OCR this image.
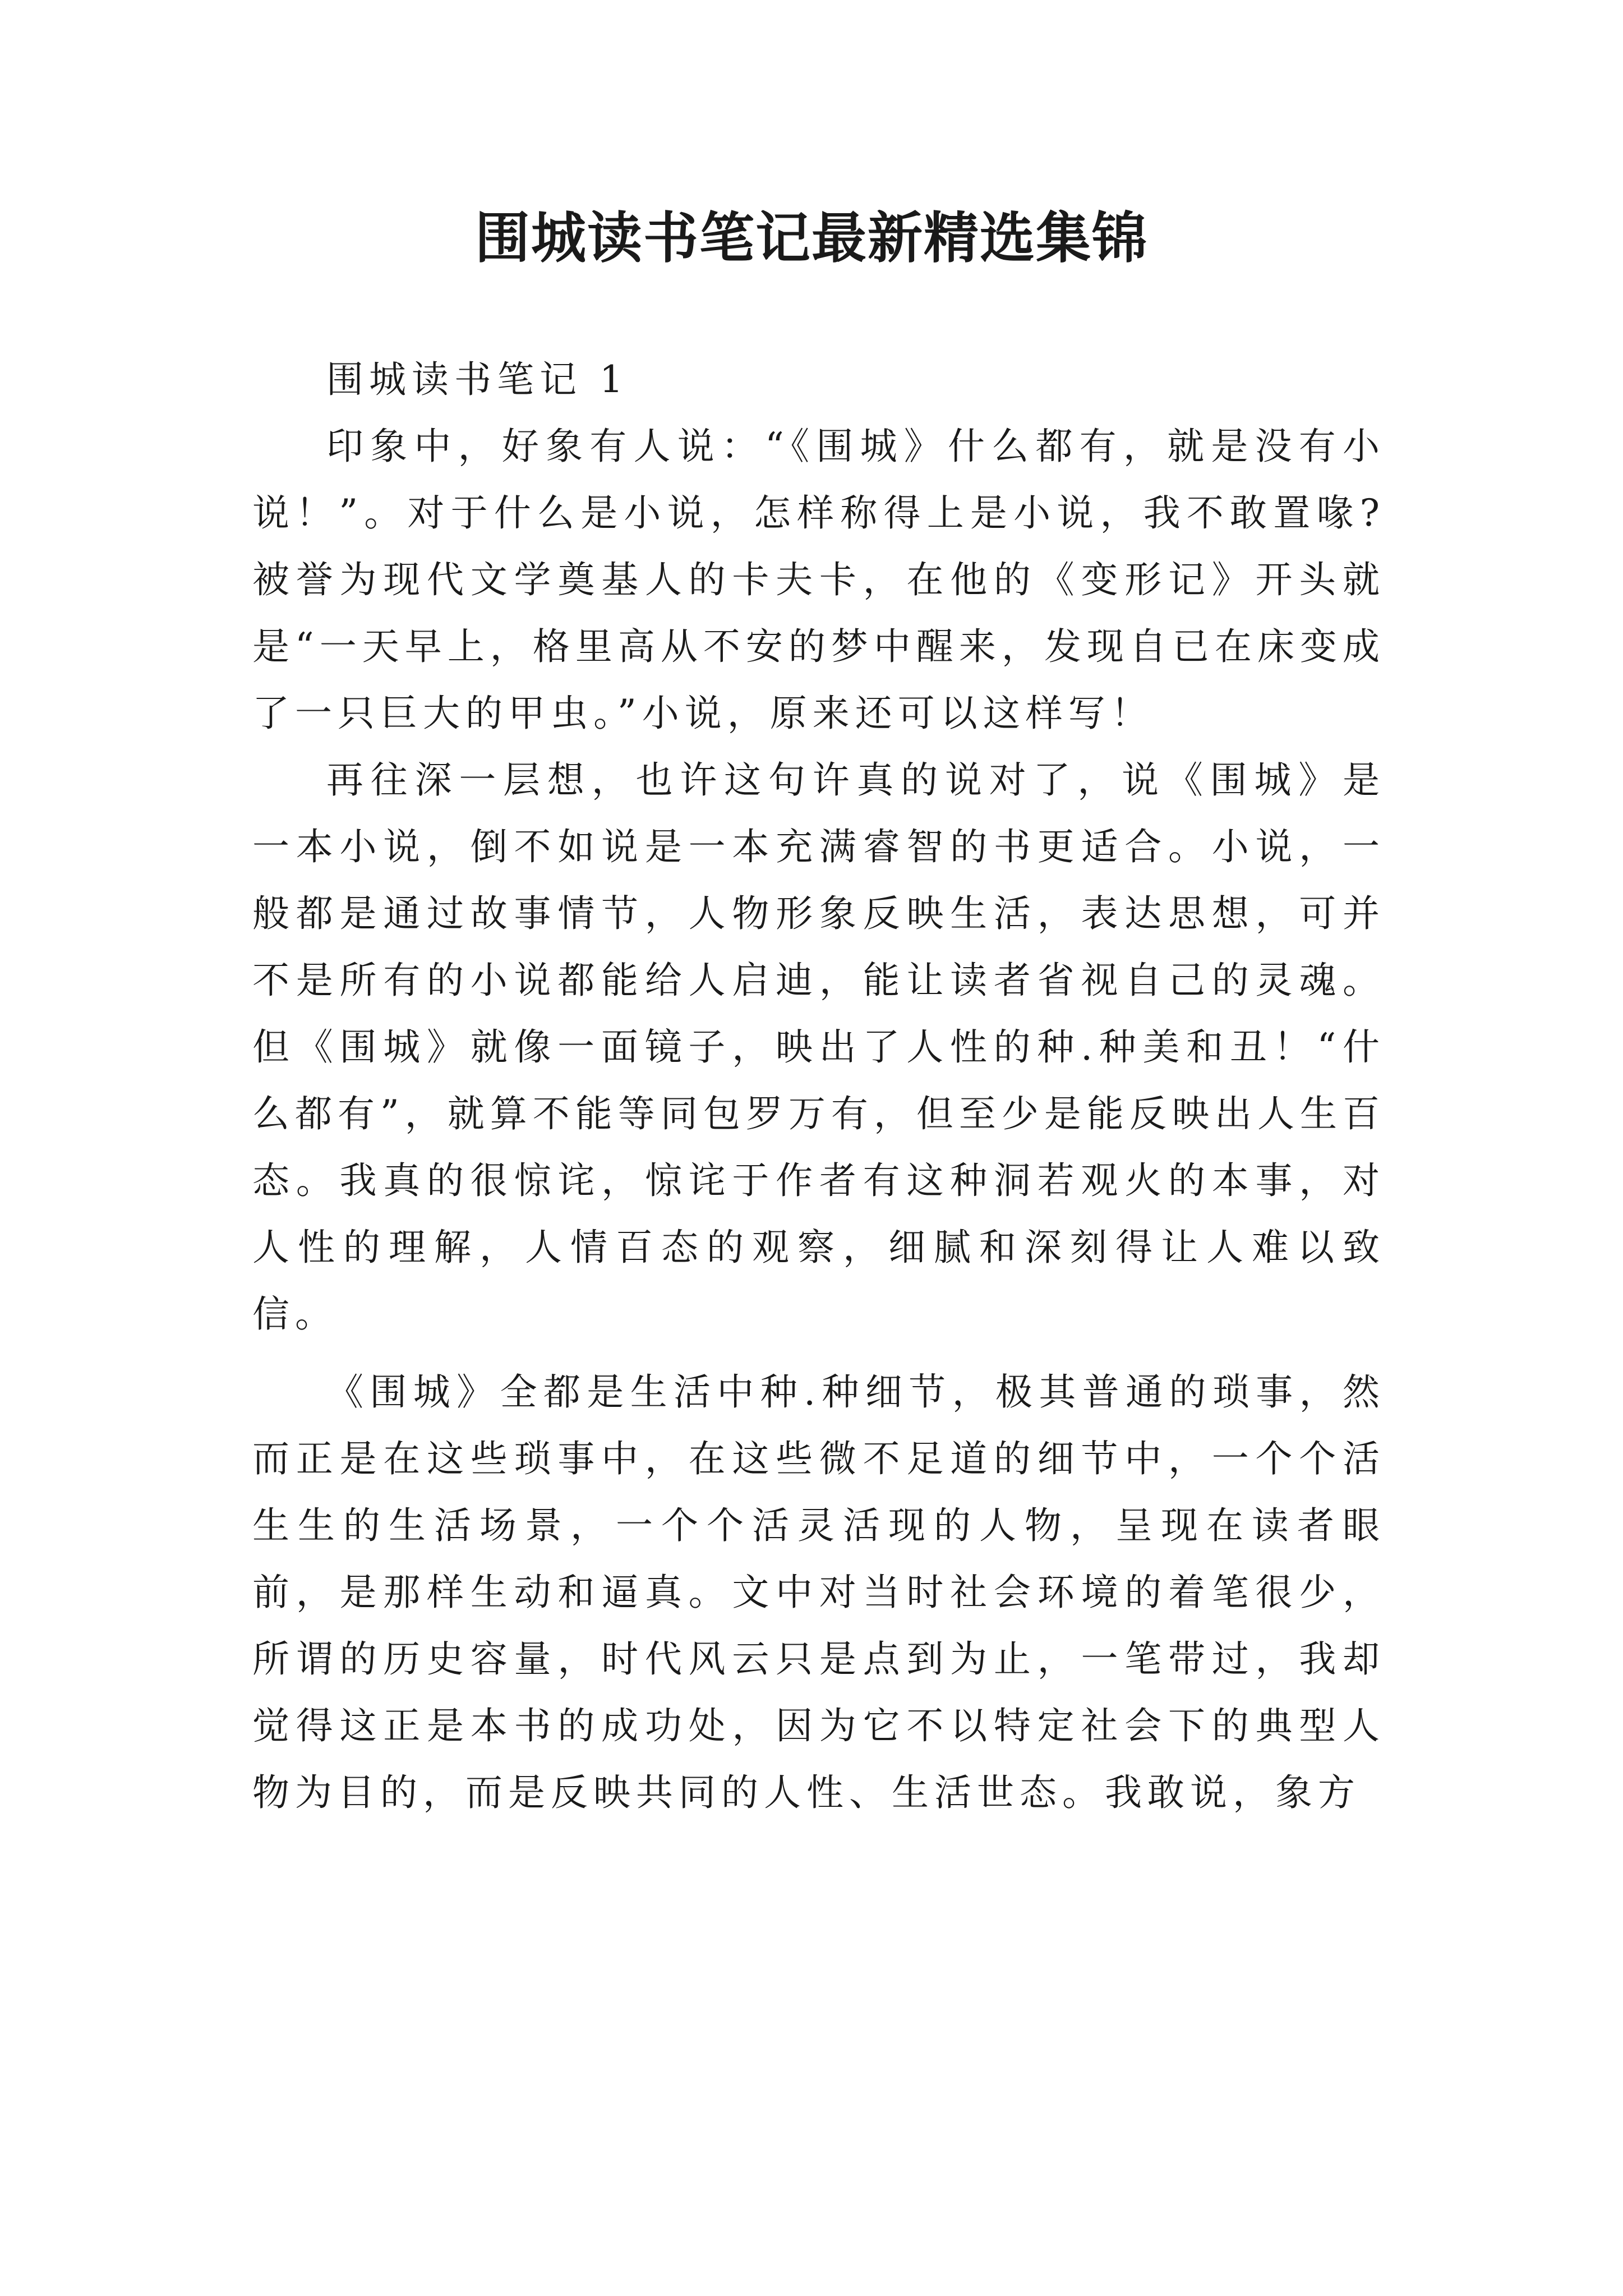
围城读书笔记最新精选集锦

围城读书笔记 1

印象中，好象有人说：“《围城》什么都有，就是没有小说！”。对于什么是小说，怎样称得上是小说，我不敢置喙?被誉为现代文学奠基人的卡夫卡，在他的《变形记》开头就是“一天早上，格里高从不安的梦中醒来，发现自已在床变成了一只巨大的甲虫。”小说，原来还可以这样写！

再往深一层想，也许这句许真的说对了，说《围城》是一本小说，倒不如说是一本充满睿智的书更适合。小说，一般都是通过故事情节，人物形象反映生活，表达思想，可并不是所有的小说都能给人启迪，能让读者省视自己的灵魂。但《围城》就像一面镜子，映出了人性的种.种美和丑！“什么都有”，就算不能等同包罗万有，但至少是能反映出人生百态。我真的很惊诧，惊诧于作者有这种洞若观火的本事，对人性的理解，人情百态的观察，细腻和深刻得让人难以致信。

《围城》全都是生活中种.种细节，极其普通的琐事，然而正是在这些琐事中，在这些微不足道的细节中，一个个活生生的生活场景，一个个活灵活现的人物，呈现在读者眼前，是那样生动和逼真。文中对当时社会环境的着笔很少，所谓的历史容量，时代风云只是点到为止，一笔带过，我却觉得这正是本书的成功处，因为它不以特定社会下的典型人物为目的，而是反映共同的人性、生活世态。我敢说，象方
